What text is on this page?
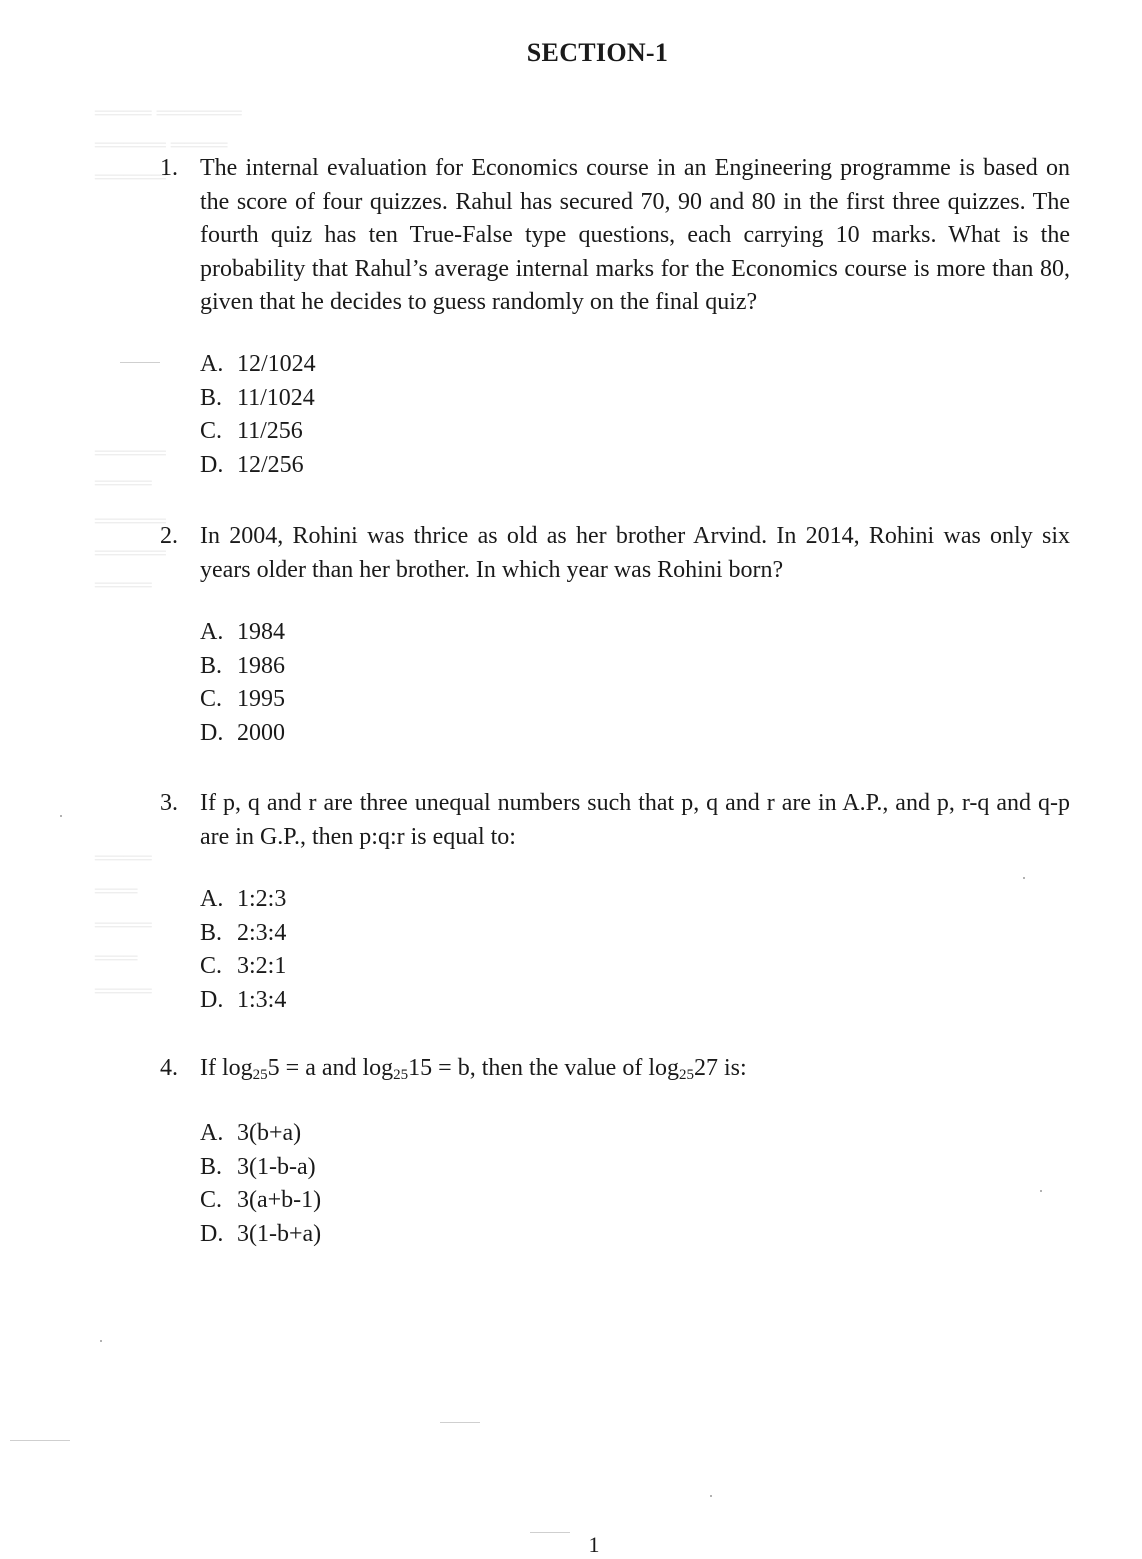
══════ ════
════ ═════
═════
═════
════
═════
═════
════
════
═══
════
═══
════
SECTION-1
1. The internal evaluation for Economics course in an Engineering programme is based on the score of four quizzes. Rahul has secured 70, 90 and 80 in the first three quizzes. The fourth quiz has ten True-False type questions, each carrying 10 marks. What is the probability that Rahul’s average internal marks for the Economics course is more than 80, given that he decides to guess randomly on the final quiz?
A. 12/1024
B. 11/1024
C. 11/256
D. 12/256
2. In 2004, Rohini was thrice as old as her brother Arvind. In 2014, Rohini was only six years older than her brother. In which year was Rohini born?
A. 1984
B. 1986
C. 1995
D. 2000
3. If p, q and r are three unequal numbers such that p, q and r are in A.P., and p, r-q and q-p are in G.P., then p:q:r is equal to:
A. 1:2:3
B. 2:3:4
C. 3:2:1
D. 1:3:4
4. If $\log_{25}5 = a$ and $\log_{25}15 = b$, then the value of $\log_{25}27$ is:
A. 3(b+a)
B. 3(1-b-a)
C. 3(a+b-1)
D. 3(1-b+a)
1
